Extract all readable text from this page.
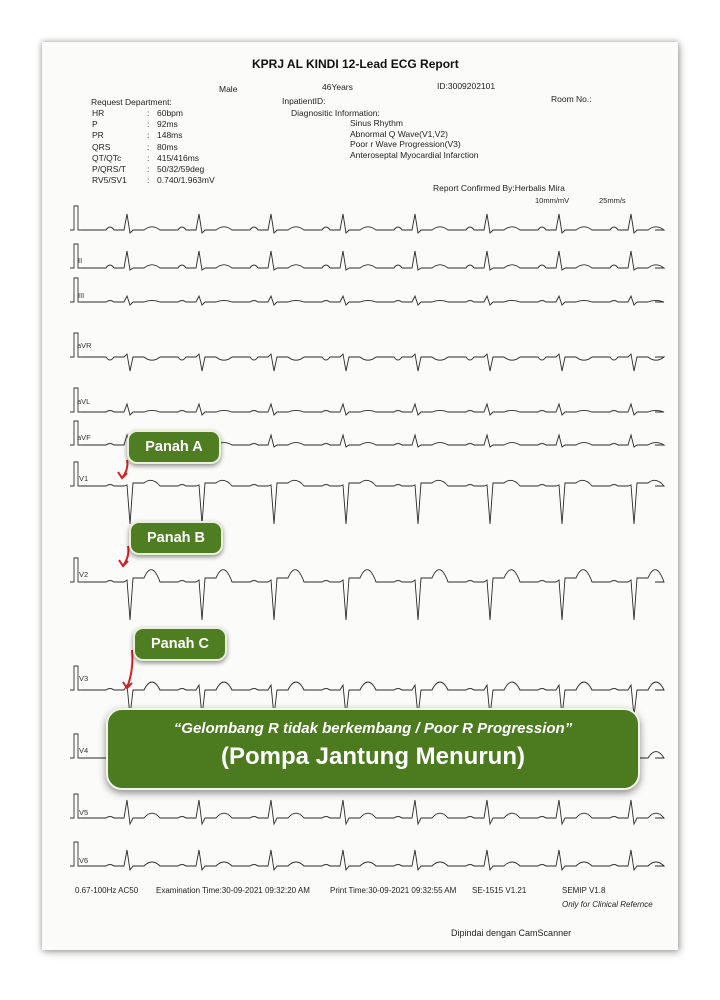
KPRJ AL KINDI 12-Lead ECG Report
Male	46Years	ID:3009202101
Room No.:
Request Department:	InpatientID:
Diagnositic Information:
HR	:	60bpm
P	:	92ms
PR	:	148ms
QRS	:	80ms
QT/QTc	:	415/416ms
P/QRS/T	:	50/32/59deg
RV5/SV1	:	0.740/1.963mV
Sinus Rhythm
Abnormal Q Wave(V1,V2)
Poor r Wave Progression(V3)
Anteroseptal Myocardial Infarction
Report Confirmed By:Herbalis Mira
10mm/mV	25mm/s
II
III
aVR
aVL
aVF
V1
V2
V3
V4
V5
V6
Panah A
Panah B
Panah C
“Gelombang R tidak berkembang / Poor R Progression”
(Pompa Jantung Menurun)
0.67-100Hz AC50 Examination Time:30-09-2021 09:32:20 AM	Print Time:30-09-2021 09:32:55 AM SE-1515 V1.21	SEMIP V1.8
Only for Clinical Refernce
Dipindai dengan CamScanner
